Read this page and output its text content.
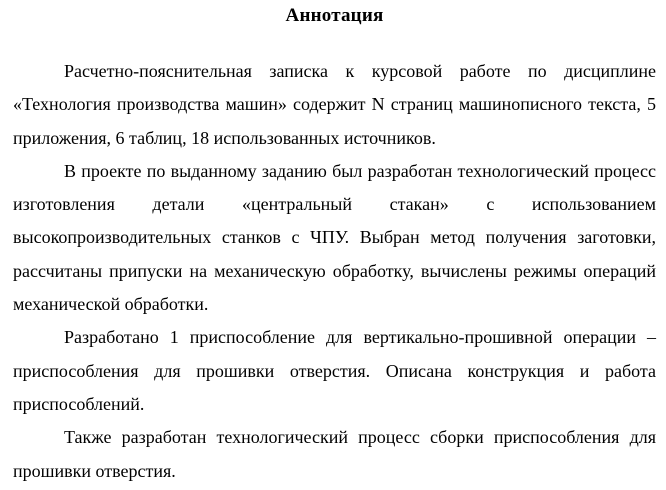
Аннотация

Расчетно-пояснительная записка к курсовой работе по дисциплине «Технология производства машин» содержит N страниц машинописного текста, 5 приложения, 6 таблиц, 18 использованных источников.

В проекте по выданному заданию был разработан технологический процесс изготовления детали «центральный стакан» с использованием высокопроизводительных станков с ЧПУ. Выбран метод получения заготовки, рассчитаны припуски на механическую обработку, вычислены режимы операций механической обработки.

Разработано 1 приспособление для вертикально-прошивной операции – приспособления для прошивки отверстия. Описана конструкция и работа приспособлений.

Также разработан технологический процесс сборки приспособления для прошивки отверстия.
